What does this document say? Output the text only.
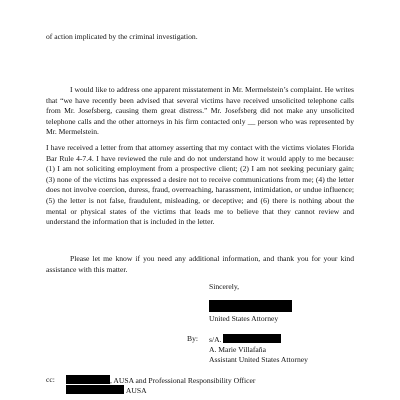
of action implicated by the criminal investigation.

I would like to address one apparent misstatement in Mr. Mermelstein’s complaint. He writes that “we have recently been advised that several victims have received unsolicited telephone calls from Mr. Josefsberg, causing them great distress.” Mr. Josefsberg did not make any unsolicited telephone calls and the other attorneys in his firm contacted only __ person who was represented by Mr. Mermelstein.

I have received a letter from that attorney asserting that my contact with the victims violates Florida Bar Rule 4-7.4. I have reviewed the rule and do not understand how it would apply to me because: (1) I am not soliciting employment from a prospective client; (2) I am not seeking pecuniary gain; (3) none of the victims has expressed a desire not to receive communications from me; (4) the letter does not involve coercion, duress, fraud, overreaching, harassment, intimidation, or undue influence; (5) the letter is not false, fraudulent, misleading, or deceptive; and (6) there is nothing about the mental or physical states of the victims that leads me to believe that they cannot review and understand the information that is included in the letter.

Please let me know if you need any additional information, and thank you for your kind assistance with this matter.

Sincerely,

United States Attorney

By: s/A.

A. Marie Villafaña

Assistant United States Attorney

cc:	, AUSA and Professional Responsibility Officer

AUSA
